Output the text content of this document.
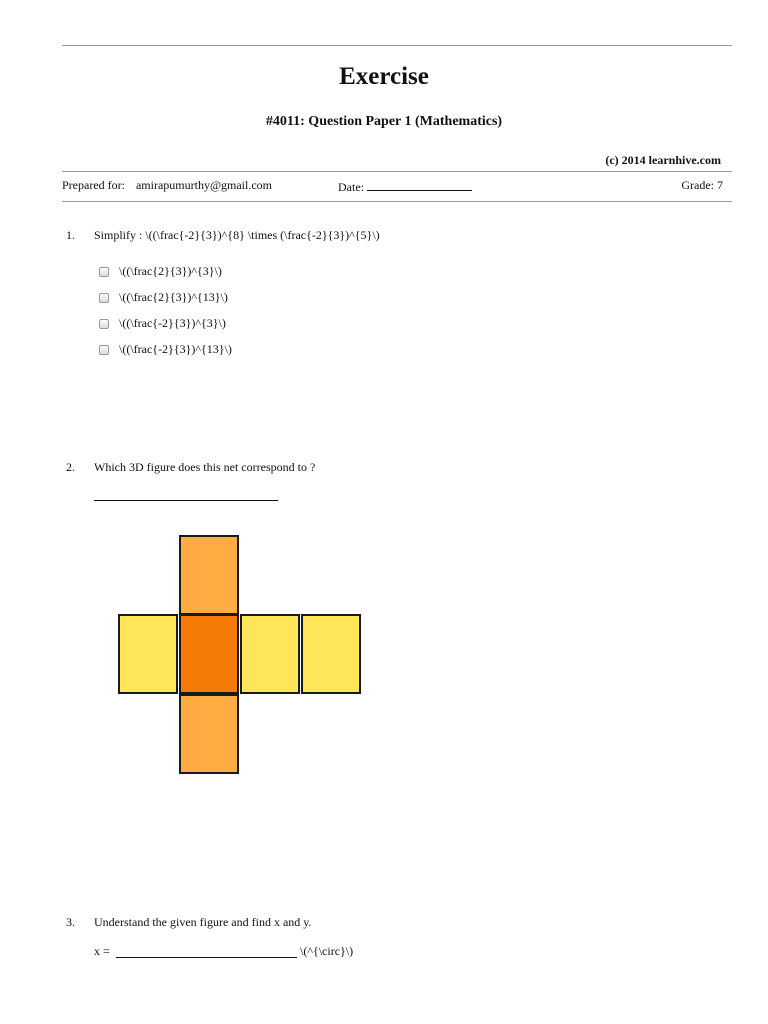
Exercise
#4011: Question Paper 1 (Mathematics)
(c) 2014 learnhive.com
Prepared for: amirapumurthy@gmail.com	Date:	Grade: 7
1. Simplify : \((\frac{-2}{3})^{8} \times (\frac{-2}{3})^{5}\)
\((\frac{2}{3})^{3}\)
\((\frac{2}{3})^{13}\)
\((\frac{-2}{3})^{3}\)
\((\frac{-2}{3})^{13}\)
2. Which 3D figure does this net correspond to ?
3. Understand the given figure and find x and y.
x =	\(^{\circ}\)
